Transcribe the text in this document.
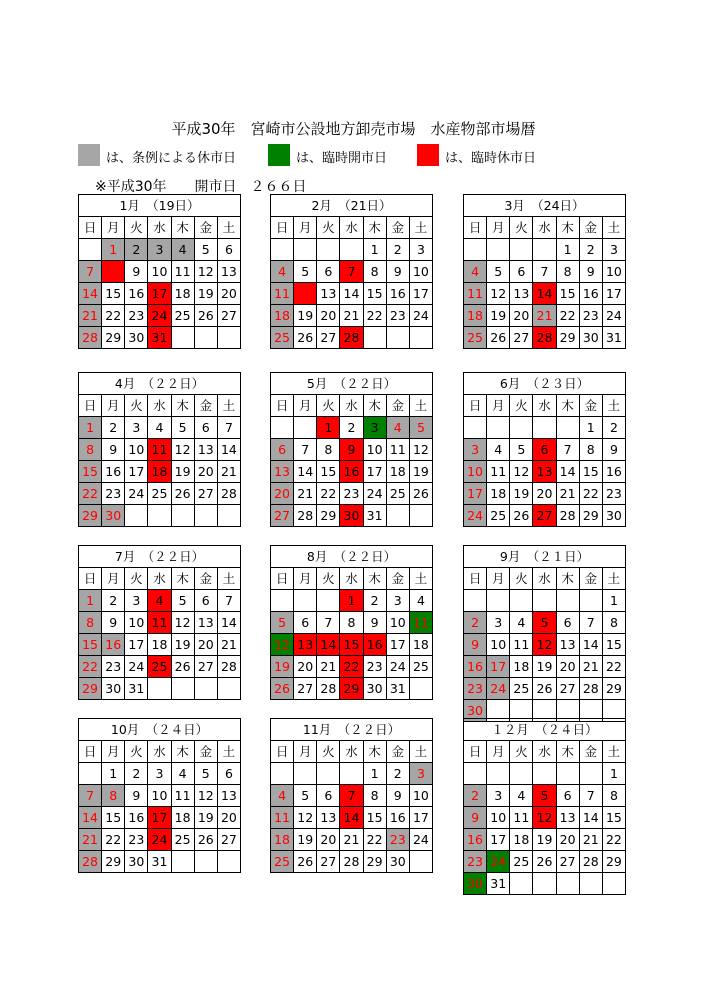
平成30年　宮崎市公設地方卸売市場　水産物部市場暦
は、条例による休市日	は、臨時開市日	は、臨時休市日
※平成30年　　開市日　２６６日
1月　 （19日）						
日	月	火	水	木	金	土
	1	2	3	4	5	6
7	8	9	10	11	12	13
14	15	16	17	18	19	20
21	22	23	24	25	26	27
28	29	30	31			
2月　 （21日）						
日	月	火	水	木	金	土
				1	2	3
4	5	6	7	8	9	10
11	12	13	14	15	16	17
18	19	20	21	22	23	24
25	26	27	28			
3月　 （24日）						
日	月	火	水	木	金	土
				1	2	3
4	5	6	7	8	9	10
11	12	13	14	15	16	17
18	19	20	21	22	23	24
25	26	27	28	29	30	31
4月　 （２２日）						
日	月	火	水	木	金	土
1	2	3	4	5	6	7
8	9	10	11	12	13	14
15	16	17	18	19	20	21
22	23	24	25	26	27	28
29	30					
5月　 （２２日）						
日	月	火	水	木	金	土
		1	2	3	4	5
6	7	8	9	10	11	12
13	14	15	16	17	18	19
20	21	22	23	24	25	26
27	28	29	30	31		
6月　 （２３日）						
日	月	火	水	木	金	土
					1	2
3	4	5	6	7	8	9
10	11	12	13	14	15	16
17	18	19	20	21	22	23
24	25	26	27	28	29	30
7月　 （２２日）						
日	月	火	水	木	金	土
1	2	3	4	5	6	7
8	9	10	11	12	13	14
15	16	17	18	19	20	21
22	23	24	25	26	27	28
29	30	31				
8月　 （２２日）						
日	月	火	水	木	金	土
			1	2	3	4
5	6	7	8	9	10	11
12	13	14	15	16	17	18
19	20	21	22	23	24	25
26	27	28	29	30	31	
9月　 （２１日）						
日	月	火	水	木	金	土
						1
2	3	4	5	6	7	8
9	10	11	12	13	14	15
16	17	18	19	20	21	22
23	24	25	26	27	28	29
30						
10月　 （２４日）						
日	月	火	水	木	金	土
	1	2	3	4	5	6
7	8	9	10	11	12	13
14	15	16	17	18	19	20
21	22	23	24	25	26	27
28	29	30	31			
11月　 （２２日）						
日	月	火	水	木	金	土
				1	2	3
4	5	6	7	8	9	10
11	12	13	14	15	16	17
18	19	20	21	22	23	24
25	26	27	28	29	30	
１２月　 （２４日）						
日	月	火	水	木	金	土
						1
2	3	4	5	6	7	8
9	10	11	12	13	14	15
16	17	18	19	20	21	22
23	24	25	26	27	28	29
30	31					
